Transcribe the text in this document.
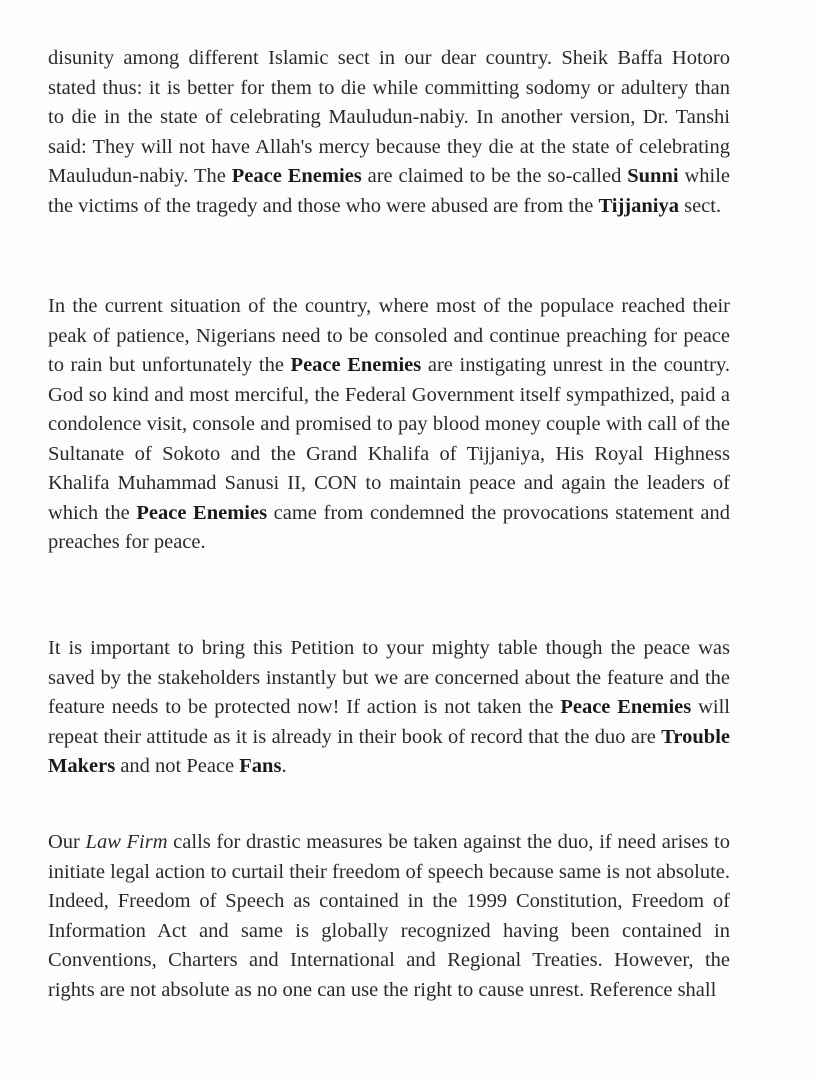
disunity among different Islamic sect in our dear country. Sheik Baffa Hotoro stated thus: it is better for them to die while committing sodomy or adultery than to die in the state of celebrating Mauludun-nabiy. In another version, Dr. Tanshi said: They will not have Allah's mercy because they die at the state of celebrating Mauludun-nabiy. The Peace Enemies are claimed to be the so-called Sunni while the victims of the tragedy and those who were abused are from the Tijjaniya sect.
In the current situation of the country, where most of the populace reached their peak of patience, Nigerians need to be consoled and continue preaching for peace to rain but unfortunately the Peace Enemies are instigating unrest in the country. God so kind and most merciful, the Federal Government itself sympathized, paid a condolence visit, console and promised to pay blood money couple with call of the Sultanate of Sokoto and the Grand Khalifa of Tijjaniya, His Royal Highness Khalifa Muhammad Sanusi II, CON to maintain peace and again the leaders of which the Peace Enemies came from condemned the provocations statement and preaches for peace.
It is important to bring this Petition to your mighty table though the peace was saved by the stakeholders instantly but we are concerned about the feature and the feature needs to be protected now! If action is not taken the Peace Enemies will repeat their attitude as it is already in their book of record that the duo are Trouble Makers and not Peace Fans.
Our Law Firm calls for drastic measures be taken against the duo, if need arises to initiate legal action to curtail their freedom of speech because same is not absolute. Indeed, Freedom of Speech as contained in the 1999 Constitution, Freedom of Information Act and same is globally recognized having been contained in Conventions, Charters and International and Regional Treaties. However, the rights are not absolute as no one can use the right to cause unrest. Reference shall
